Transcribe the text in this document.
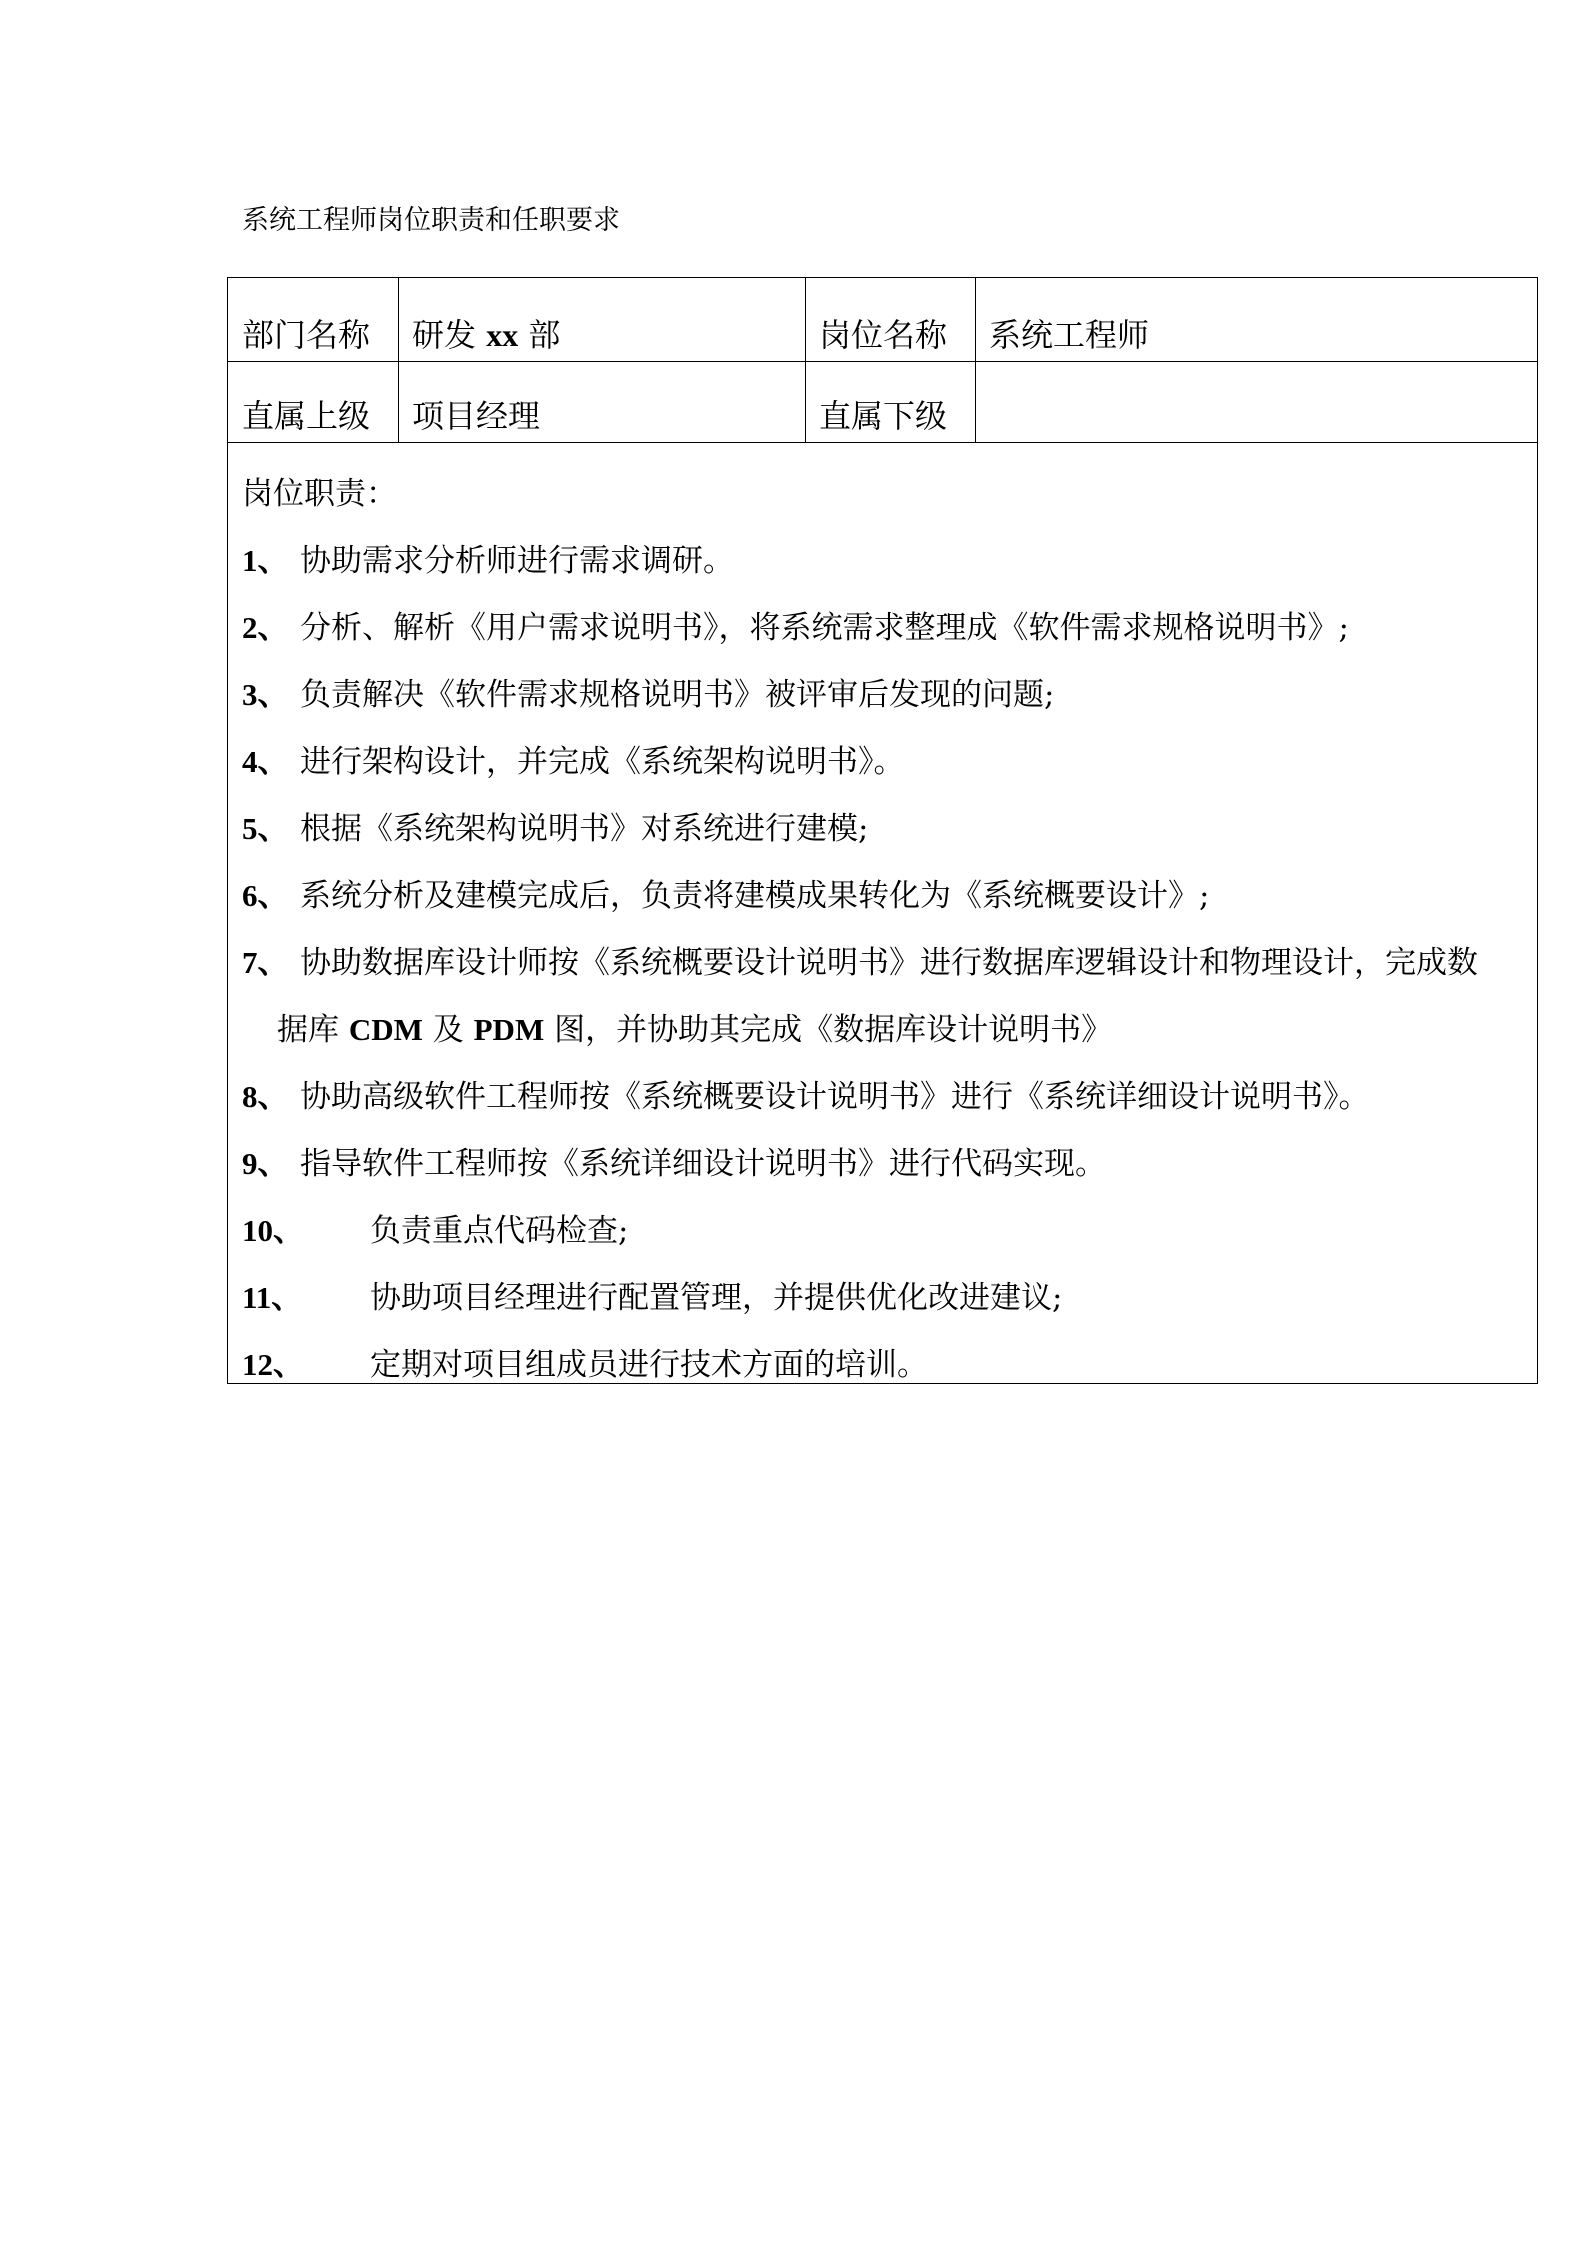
系统工程师岗位职责和任职要求
部门名称 研发 xx 部	岗位名称 系统工程师
直属上级 项目经理	直属下级
岗位职责：
1、 协助需求分析师进行需求调研。
2、 分析、解析《用户需求说明书》，将系统需求整理成《软件需求规格说明书》;
3、 负责解决《软件需求规格说明书》被评审后发现的问题;
4、 进行架构设计，并完成《系统架构说明书》。
5、 根据《系统架构说明书》对系统进行建模;
6、 系统分析及建模完成后，负责将建模成果转化为《系统概要设计》;
7、 协助数据库设计师按《系统概要设计说明书》进行数据库逻辑设计和物理设计，完成数
据库 CDM 及 PDM 图，并协助其完成《数据库设计说明书》
8、 协助高级软件工程师按《系统概要设计说明书》进行《系统详细设计说明书》。
9、 指导软件工程师按《系统详细设计说明书》进行代码实现。
10、 负责重点代码检查;
11、 协助项目经理进行配置管理，并提供优化改进建议;
12、 定期对项目组成员进行技术方面的培训。
